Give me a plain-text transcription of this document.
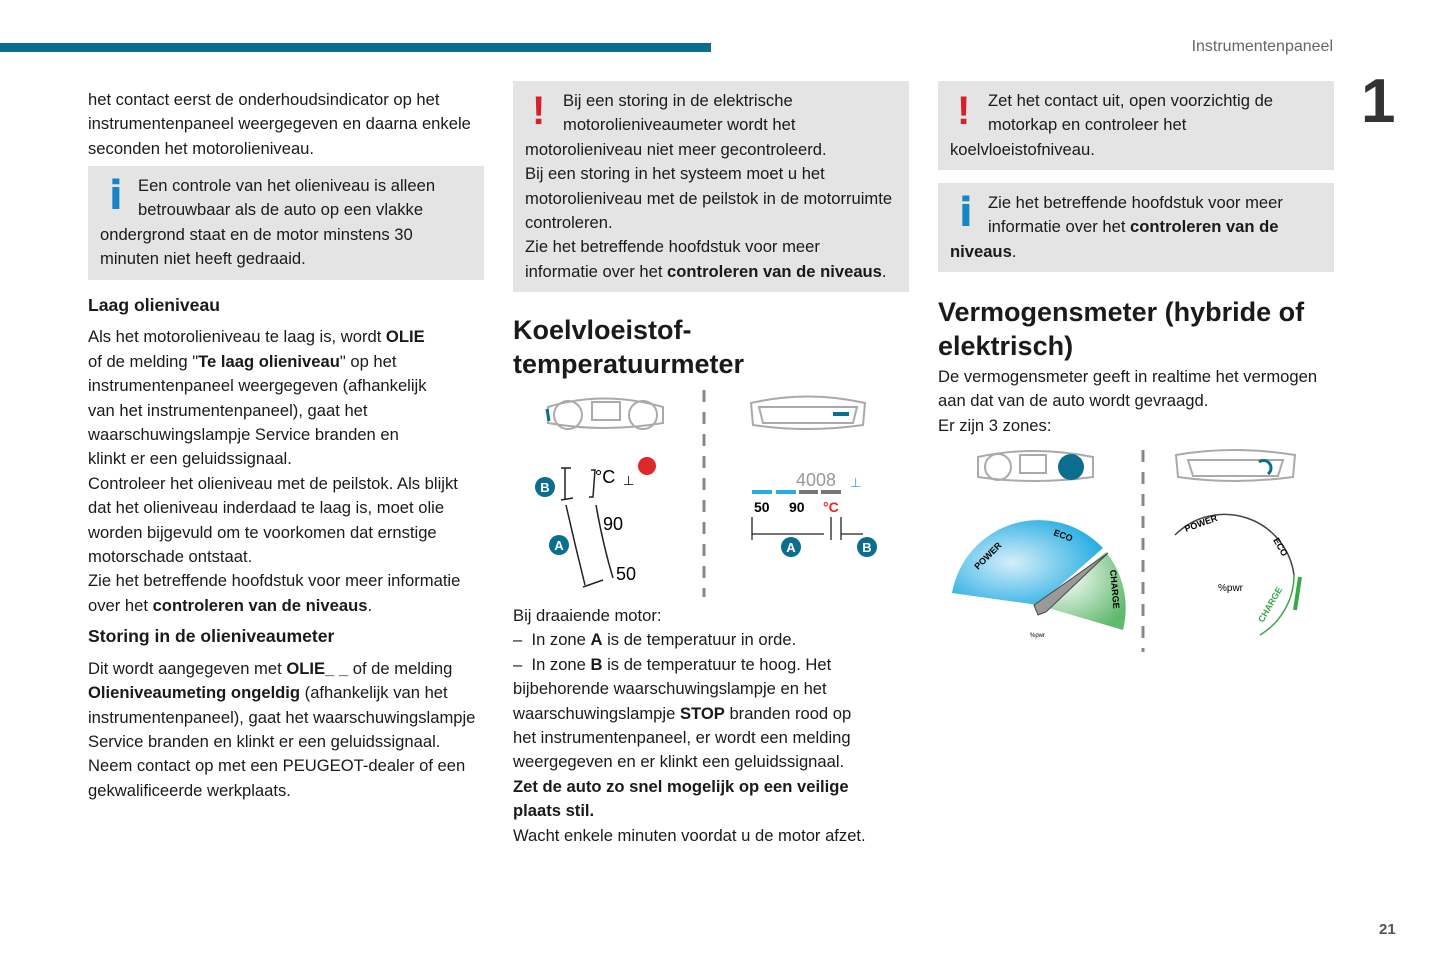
Instrumentenpaneel
1
21

het contact eerst de onderhoudsindicator op het instrumentenpaneel weergegeven en daarna enkele seconden het motorolieniveau.

i Een controle van het olieniveau is alleen betrouwbaar als de auto op een vlakke ondergrond staat en de motor minstens 30 minuten niet heeft gedraaid.

Laag olieniveau

Als het motorolieniveau te laag is, wordt OLIE of de melding "Te laag olieniveau" op het instrumentenpaneel weergegeven (afhankelijk van het instrumentenpaneel), gaat het waarschuwingslampje Service branden en klinkt er een geluidssignaal.

Controleer het olieniveau met de peilstok. Als blijkt dat het olieniveau inderdaad te laag is, moet olie worden bijgevuld om te voorkomen dat ernstige motorschade ontstaat.

Zie het betreffende hoofdstuk voor meer informatie over het controleren van de niveaus.

Storing in de olieniveaumeter

Dit wordt aangegeven met OLIE_ _ of de melding Olieniveaumeting ongeldig (afhankelijk van het instrumentenpaneel), gaat het waarschuwingslampje Service branden en klinkt er een geluidssignaal.

Neem contact op met een PEUGEOT-dealer of een gekwalificeerde werkplaats.

!	Bij een storing in de elektrische motorolieniveaumeter wordt het motorolieniveau niet meer gecontroleerd.

Bij een storing in het systeem moet u het motorolieniveau met de peilstok in de motorruimte controleren.

Zie het betreffende hoofdstuk voor meer informatie over het controleren van de niveaus.

Koelvloeistof-temperatuurmeter
°C
90
50
⊥
B
A
4008 ⊥
50 90 °C
A	B

Bij draaiende motor:

–  In zone A is de temperatuur in orde.

–  In zone B is de temperatuur te hoog. Het

bijbehorende waarschuwingslampje en het waarschuwingslampje STOP branden rood op het instrumentenpaneel, er wordt een melding weergegeven en er klinkt een geluidssignaal.

Zet de auto zo snel mogelijk op een veilige plaats stil.

Wacht enkele minuten voordat u de motor afzet.

!	Zet het contact uit, open voorzichtig de motorkap en controleer het koelvloeistofniveau.

i Zie het betreffende hoofdstuk voor meer informatie over het controleren van de niveaus.

Vermogensmeter (hybride of elektrisch)

De vermogensmeter geeft in realtime het vermogen aan dat van de auto wordt gevraagd.

Er zijn 3 zones:

POWER
ECO
CHARGE
%pwr
POWER
ECO
CHARGE
%pwr
